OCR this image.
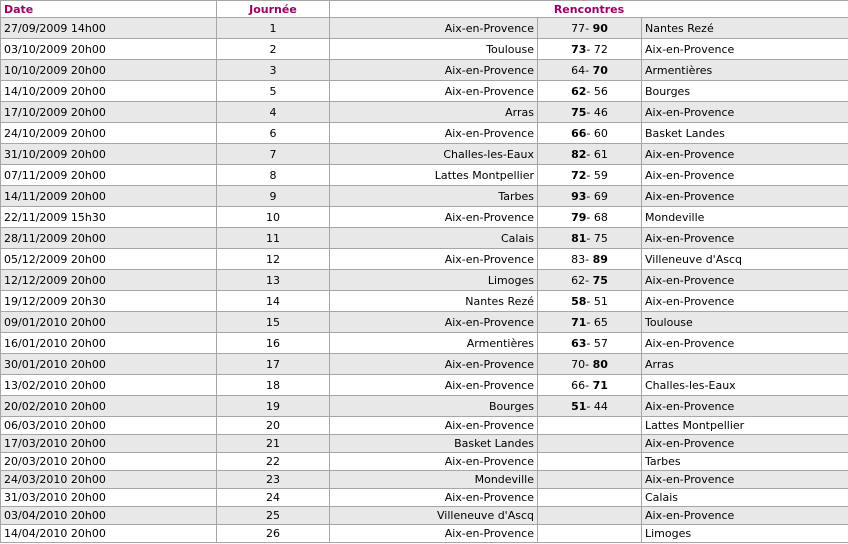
Date	Journée	Rencontres		
27/09/2009 14h00	1	Aix-en-Provence	77- 90	Nantes Rezé
03/10/2009 20h00	2	Toulouse	73- 72	Aix-en-Provence
10/10/2009 20h00	3	Aix-en-Provence	64- 70	Armentières
14/10/2009 20h00	5	Aix-en-Provence	62- 56	Bourges
17/10/2009 20h00	4	Arras	75- 46	Aix-en-Provence
24/10/2009 20h00	6	Aix-en-Provence	66- 60	Basket Landes
31/10/2009 20h00	7	Challes-les-Eaux	82- 61	Aix-en-Provence
07/11/2009 20h00	8	Lattes Montpellier	72- 59	Aix-en-Provence
14/11/2009 20h00	9	Tarbes	93- 69	Aix-en-Provence
22/11/2009 15h30	10	Aix-en-Provence	79- 68	Mondeville
28/11/2009 20h00	11	Calais	81- 75	Aix-en-Provence
05/12/2009 20h00	12	Aix-en-Provence	83- 89	Villeneuve d'Ascq
12/12/2009 20h00	13	Limoges	62- 75	Aix-en-Provence
19/12/2009 20h30	14	Nantes Rezé	58- 51	Aix-en-Provence
09/01/2010 20h00	15	Aix-en-Provence	71- 65	Toulouse
16/01/2010 20h00	16	Armentières	63- 57	Aix-en-Provence
30/01/2010 20h00	17	Aix-en-Provence	70- 80	Arras
13/02/2010 20h00	18	Aix-en-Provence	66- 71	Challes-les-Eaux
20/02/2010 20h00	19	Bourges	51- 44	Aix-en-Provence
06/03/2010 20h00	20	Aix-en-Provence		Lattes Montpellier
17/03/2010 20h00	21	Basket Landes		Aix-en-Provence
20/03/2010 20h00	22	Aix-en-Provence		Tarbes
24/03/2010 20h00	23	Mondeville		Aix-en-Provence
31/03/2010 20h00	24	Aix-en-Provence		Calais
03/04/2010 20h00	25	Villeneuve d'Ascq		Aix-en-Provence
14/04/2010 20h00	26	Aix-en-Provence		Limoges
